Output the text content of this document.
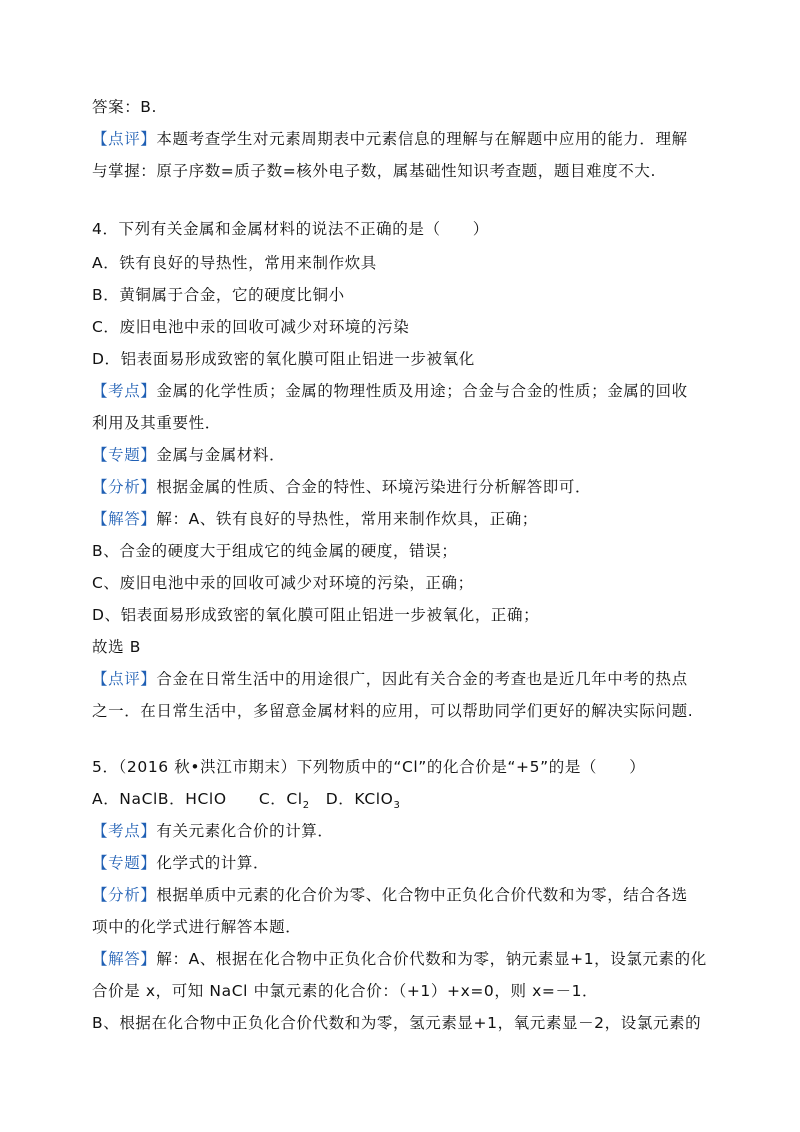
答案：B.
【点评】本题考查学生对元素周期表中元素信息的理解与在解题中应用的能力．理解
与掌握：原子序数=质子数=核外电子数，属基础性知识考查题，题目难度不大.
4．下列有关金属和金属材料的说法不正确的是（　　）
A．铁有良好的导热性，常用来制作炊具
B．黄铜属于合金，它的硬度比铜小
C．废旧电池中汞的回收可减少对环境的污染
D．铝表面易形成致密的氧化膜可阻止铝进一步被氧化
【考点】金属的化学性质；金属的物理性质及用途；合金与合金的性质；金属的回收
利用及其重要性．
【专题】金属与金属材料．
【分析】根据金属的性质、合金的特性、环境污染进行分析解答即可．
【解答】解：A、铁有良好的导热性，常用来制作炊具，正确；
B、合金的硬度大于组成它的纯金属的硬度，错误；
C、废旧电池中汞的回收可减少对环境的污染，正确；
D、铝表面易形成致密的氧化膜可阻止铝进一步被氧化，正确；
故选 B
【点评】合金在日常生活中的用途很广，因此有关合金的考查也是近几年中考的热点
之一．在日常生活中，多留意金属材料的应用，可以帮助同学们更好的解决实际问题.
5．（2016 秋•洪江市期末）下列物质中的“Cl”的化合价是“+5”的是（　　）
A．NaClB．HClO　　C．$Cl_2$　D．KClO$_3$
【考点】有关元素化合价的计算．
【专题】化学式的计算．
【分析】根据单质中元素的化合价为零、化合物中正负化合价代数和为零，结合各选
项中的化学式进行解答本题．
【解答】解：A、根据在化合物中正负化合价代数和为零，钠元素显+1，设氯元素的化
合价是 x，可知 NaCl 中氯元素的化合价：（+1）+x=0，则 x=－1．
B、根据在化合物中正负化合价代数和为零，氢元素显+1，氧元素显－2，设氯元素的
